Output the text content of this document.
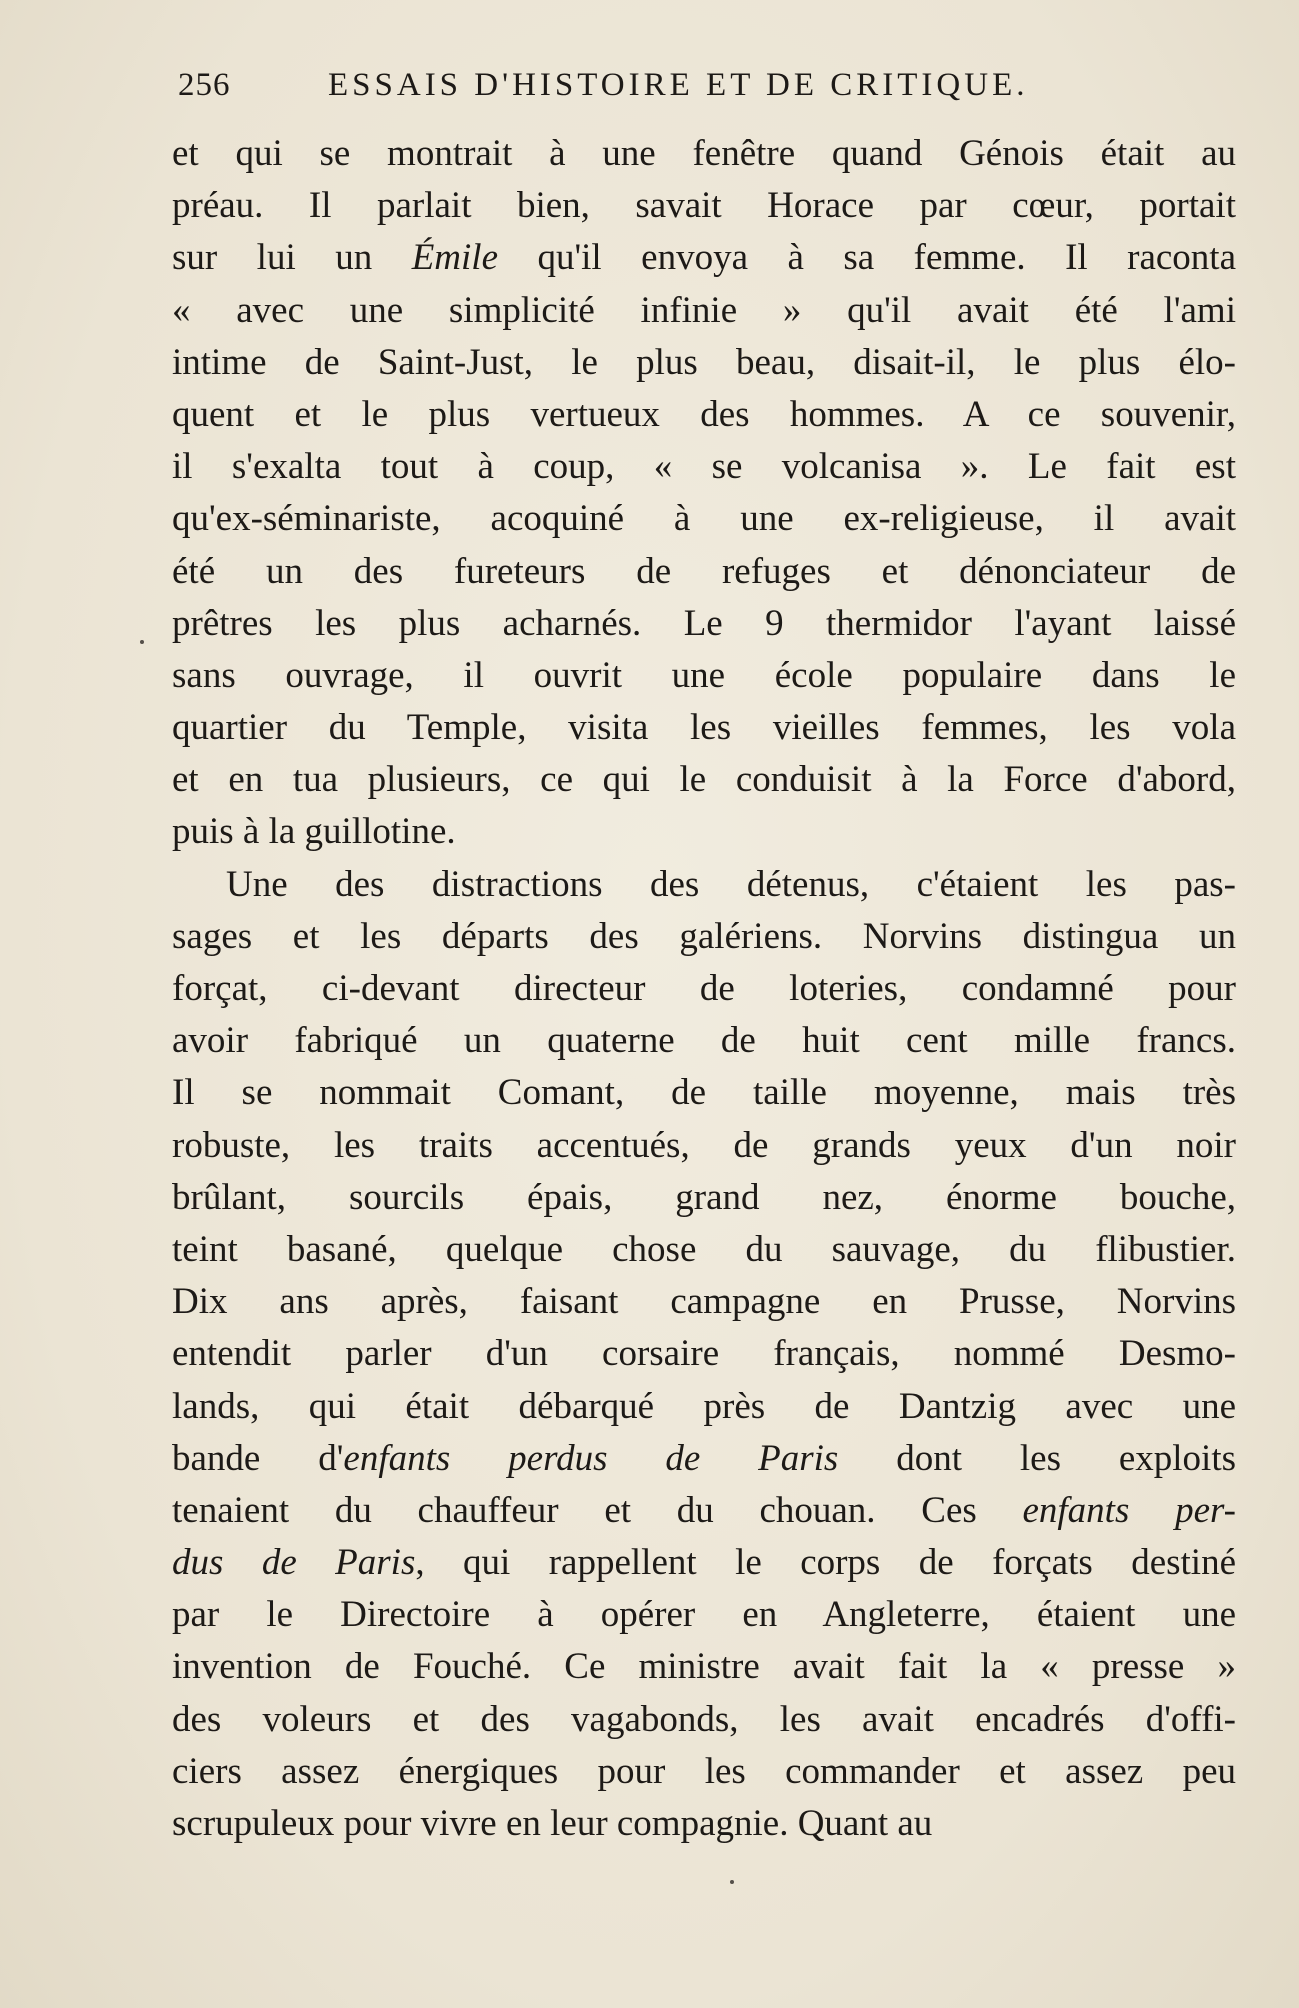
256	ESSAIS D'HISTOIRE ET DE CRITIQUE.
et qui se montrait à une fenêtre quand Génois était au
préau. Il parlait bien, savait Horace par cœur, portait
sur lui un Émile qu'il envoya à sa femme. Il raconta
« avec une simplicité infinie » qu'il avait été l'ami
intime de Saint-Just, le plus beau, disait-il, le plus élo-
quent et le plus vertueux des hommes. A ce souvenir,
il s'exalta tout à coup, « se volcanisa ». Le fait est
qu'ex-séminariste, acoquiné à une ex-religieuse, il avait
été un des fureteurs de refuges et dénonciateur de
prêtres les plus acharnés. Le 9 thermidor l'ayant laissé
sans ouvrage, il ouvrit une école populaire dans le
quartier du Temple, visita les vieilles femmes, les vola
et en tua plusieurs, ce qui le conduisit à la Force d'abord,
puis à la guillotine.
Une des distractions des détenus, c'étaient les pas-
sages et les départs des galériens. Norvins distingua un
forçat, ci-devant directeur de loteries, condamné pour
avoir fabriqué un quaterne de huit cent mille francs.
Il se nommait Comant, de taille moyenne, mais très
robuste, les traits accentués, de grands yeux d'un noir
brûlant, sourcils épais, grand nez, énorme bouche,
teint basané, quelque chose du sauvage, du flibustier.
Dix ans après, faisant campagne en Prusse, Norvins
entendit parler d'un corsaire français, nommé Desmo-
lands, qui était débarqué près de Dantzig avec une
bande d'enfants perdus de Paris dont les exploits
tenaient du chauffeur et du chouan. Ces enfants per-
dus de Paris, qui rappellent le corps de forçats destiné
par le Directoire à opérer en Angleterre, étaient une
invention de Fouché. Ce ministre avait fait la « presse »
des voleurs et des vagabonds, les avait encadrés d'offi-
ciers assez énergiques pour les commander et assez peu
scrupuleux pour vivre en leur compagnie. Quant au
